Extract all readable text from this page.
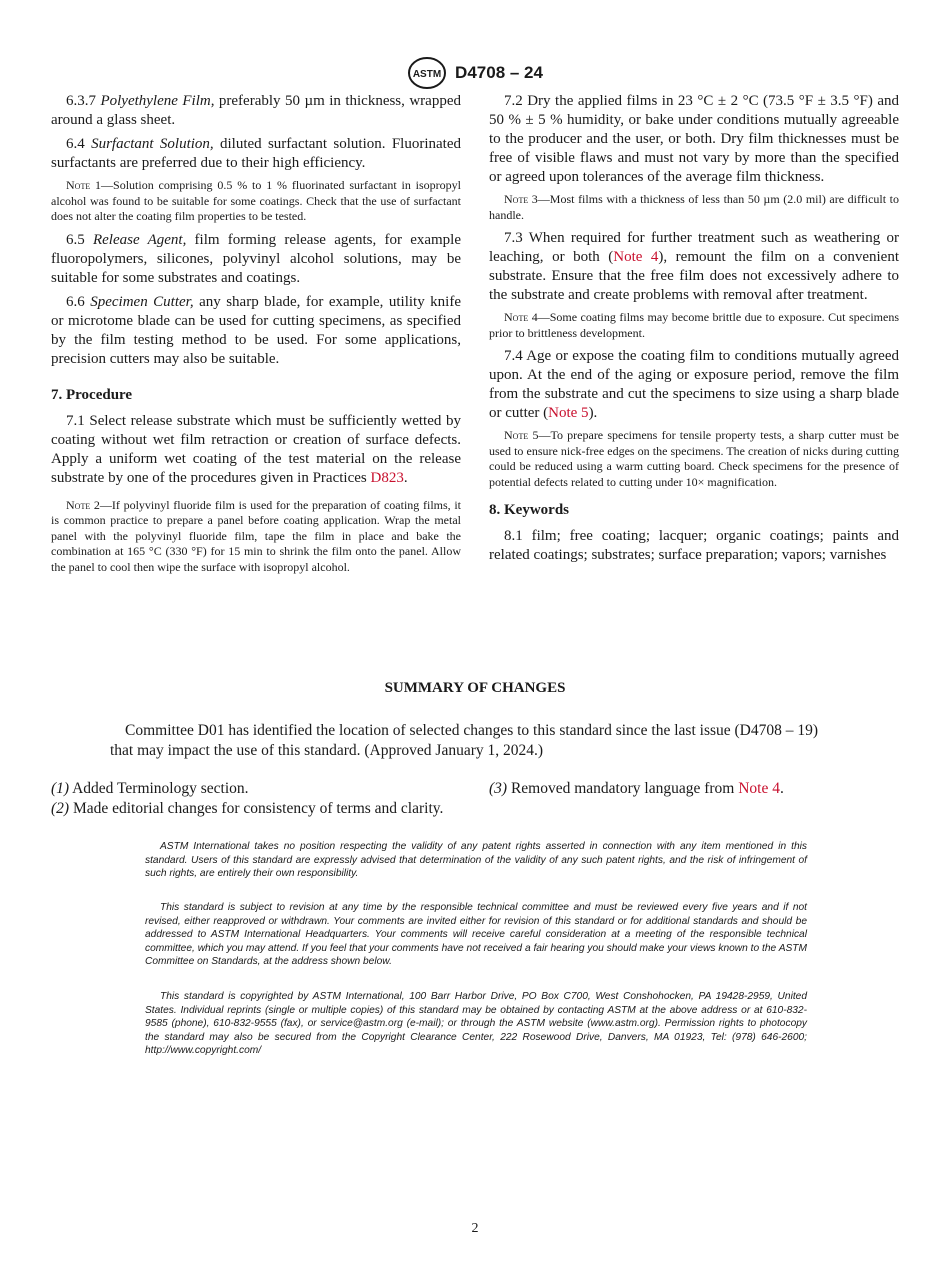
ASTM D4708 – 24

6.3.7 Polyethylene Film, preferably 50 µm in thickness, wrapped around a glass sheet.

6.4 Surfactant Solution, diluted surfactant solution. Fluorinated surfactants are preferred due to their high efficiency.

Note 1—Solution comprising 0.5 % to 1 % fluorinated surfactant in isopropyl alcohol was found to be suitable for some coatings. Check that the use of surfactant does not alter the coating film properties to be tested.

6.5 Release Agent, film forming release agents, for example fluoropolymers, silicones, polyvinyl alcohol solutions, may be suitable for some substrates and coatings.

6.6 Specimen Cutter, any sharp blade, for example, utility knife or microtome blade can be used for cutting specimens, as specified by the film testing method to be used. For some applications, precision cutters may also be suitable.

7. Procedure

7.1 Select release substrate which must be sufficiently wetted by coating without wet film retraction or creation of surface defects. Apply a uniform wet coating of the test material on the release substrate by one of the procedures given in Practices D823.

Note 2—If polyvinyl fluoride film is used for the preparation of coating films, it is common practice to prepare a panel before coating application. Wrap the metal panel with the polyvinyl fluoride film, tape the film in place and bake the combination at 165 °C (330 °F) for 15 min to shrink the film onto the panel. Allow the panel to cool then wipe the surface with isopropyl alcohol.

7.2 Dry the applied films in 23 °C ± 2 °C (73.5 °F ± 3.5 °F) and 50 % ± 5 % humidity, or bake under conditions mutually agreeable to the producer and the user, or both. Dry film thicknesses must be free of visible flaws and must not vary by more than the specified or agreed upon tolerances of the average film thickness.

Note 3—Most films with a thickness of less than 50 µm (2.0 mil) are difficult to handle.

7.3 When required for further treatment such as weathering or leaching, or both (Note 4), remount the film on a convenient substrate. Ensure that the free film does not excessively adhere to the substrate and create problems with removal after treatment.

Note 4—Some coating films may become brittle due to exposure. Cut specimens prior to brittleness development.

7.4 Age or expose the coating film to conditions mutually agreed upon. At the end of the aging or exposure period, remove the film from the substrate and cut the specimens to size using a sharp blade or cutter (Note 5).

Note 5—To prepare specimens for tensile property tests, a sharp cutter must be used to ensure nick-free edges on the specimens. The creation of nicks during cutting could be reduced using a warm cutting board. Check specimens for the presence of potential defects related to cutting under 10× magnification.

8. Keywords

8.1 film; free coating; lacquer; organic coatings; paints and related coatings; substrates; surface preparation; vapors; varnishes

SUMMARY OF CHANGES

Committee D01 has identified the location of selected changes to this standard since the last issue (D4708 – 19) that may impact the use of this standard. (Approved January 1, 2024.)

(1) Added Terminology section.
(2) Made editorial changes for consistency of terms and clarity.
(3) Removed mandatory language from Note 4.

ASTM International takes no position respecting the validity of any patent rights asserted in connection with any item mentioned in this standard. Users of this standard are expressly advised that determination of the validity of any such patent rights, and the risk of infringement of such rights, are entirely their own responsibility.

This standard is subject to revision at any time by the responsible technical committee and must be reviewed every five years and if not revised, either reapproved or withdrawn. Your comments are invited either for revision of this standard or for additional standards and should be addressed to ASTM International Headquarters. Your comments will receive careful consideration at a meeting of the responsible technical committee, which you may attend. If you feel that your comments have not received a fair hearing you should make your views known to the ASTM Committee on Standards, at the address shown below.

This standard is copyrighted by ASTM International, 100 Barr Harbor Drive, PO Box C700, West Conshohocken, PA 19428-2959, United States. Individual reprints (single or multiple copies) of this standard may be obtained by contacting ASTM at the above address or at 610-832-9585 (phone), 610-832-9555 (fax), or service@astm.org (e-mail); or through the ASTM website (www.astm.org). Permission rights to photocopy the standard may also be secured from the Copyright Clearance Center, 222 Rosewood Drive, Danvers, MA 01923, Tel: (978) 646-2600; http://www.copyright.com/

2
